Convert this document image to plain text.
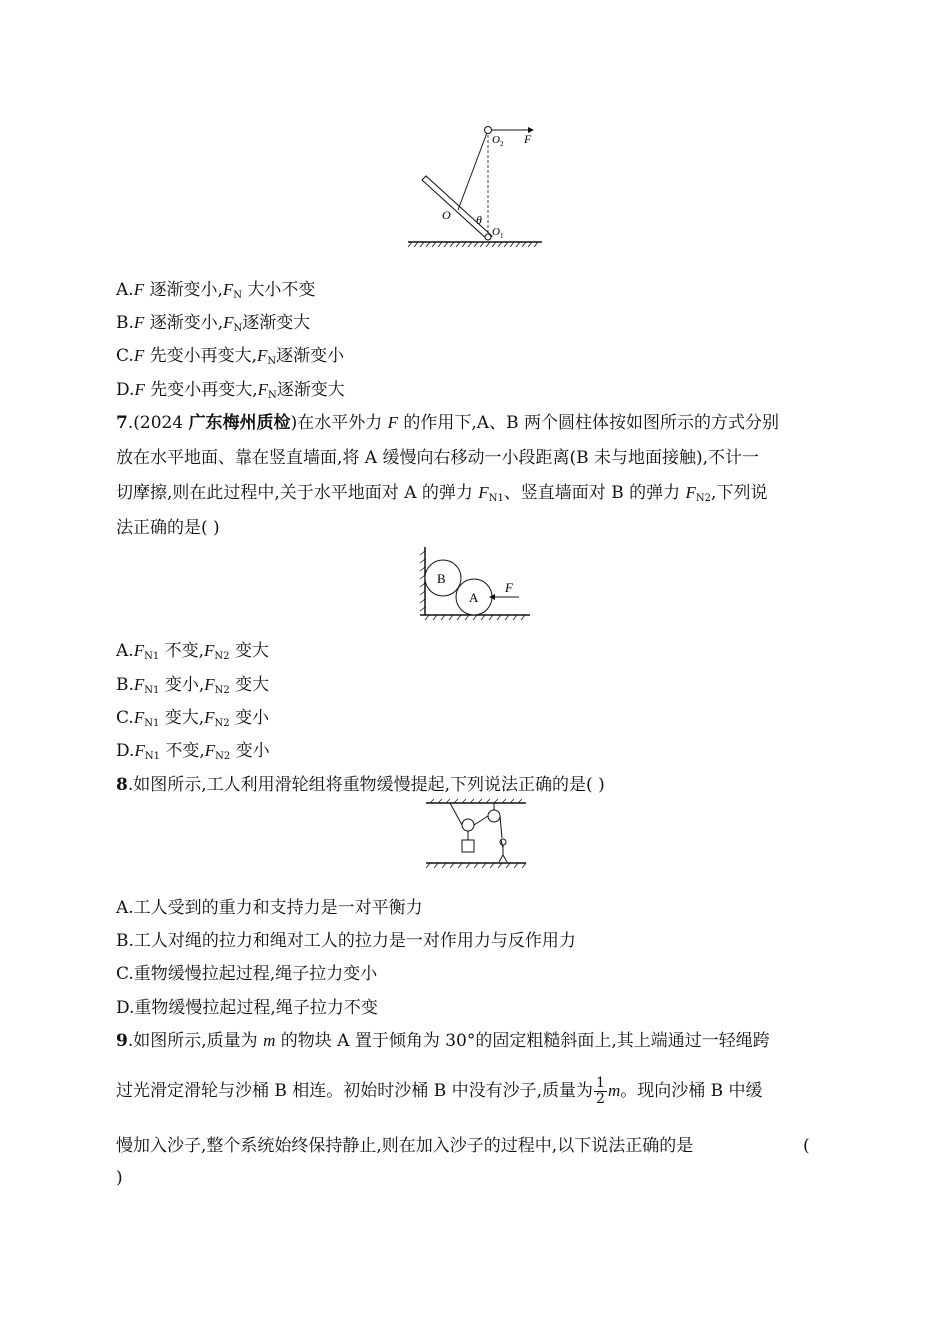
O 2 F
O θ
O 1
A.F 逐渐变小$,F_N$ 大小不变
B.F 逐渐变小$,F_N$逐渐变大
C.F 先变小再变大$,F_N$逐渐变小
D.F 先变小再变大$,F_N$逐渐变大
7.(2024 广东梅州质检)在水平外力 F 的作用下,A、B 两个圆柱体按如图所示的方式分别
放在水平地面、靠在竖直墙面,将 A 缓慢向右移动一小段距离(B 未与地面接触),不计一
切摩擦,则在此过程中,关于水平地面对 A 的弹力 $F_{N1}$、竖直墙面对 B 的弹力 $F_{N2}$,下列说
法正确的是( )
B
A
F
$A.F_{N1}$ 不变$,F_{N2}$ 变大
$B.F_{N1}$ 变小$,F_{N2}$ 变大
$C.F_{N1}$ 变大$,F_{N2}$ 变小
$D.F_{N1}$ 不变$,F_{N2}$ 变小
8.如图所示,工人利用滑轮组将重物缓慢提起,下列说法正确的是( )
A.工人受到的重力和支持力是一对平衡力
B.工人对绳的拉力和绳对工人的拉力是一对作用力与反作用力
C.重物缓慢拉起过程,绳子拉力变小
D.重物缓慢拉起过程,绳子拉力不变
9.如图所示,质量为 m 的物块 A 置于倾角为 30°的固定粗糙斜面上,其上端通过一轻绳跨
过光滑定滑轮与沙桶 B 相连。初始时沙桶 B 中没有沙子,质量为 $\frac{1}{2}$ m。现向沙桶 B 中缓
慢加入沙子,整个系统始终保持静止,则在加入沙子的过程中,以下说法正确的是	(
)
